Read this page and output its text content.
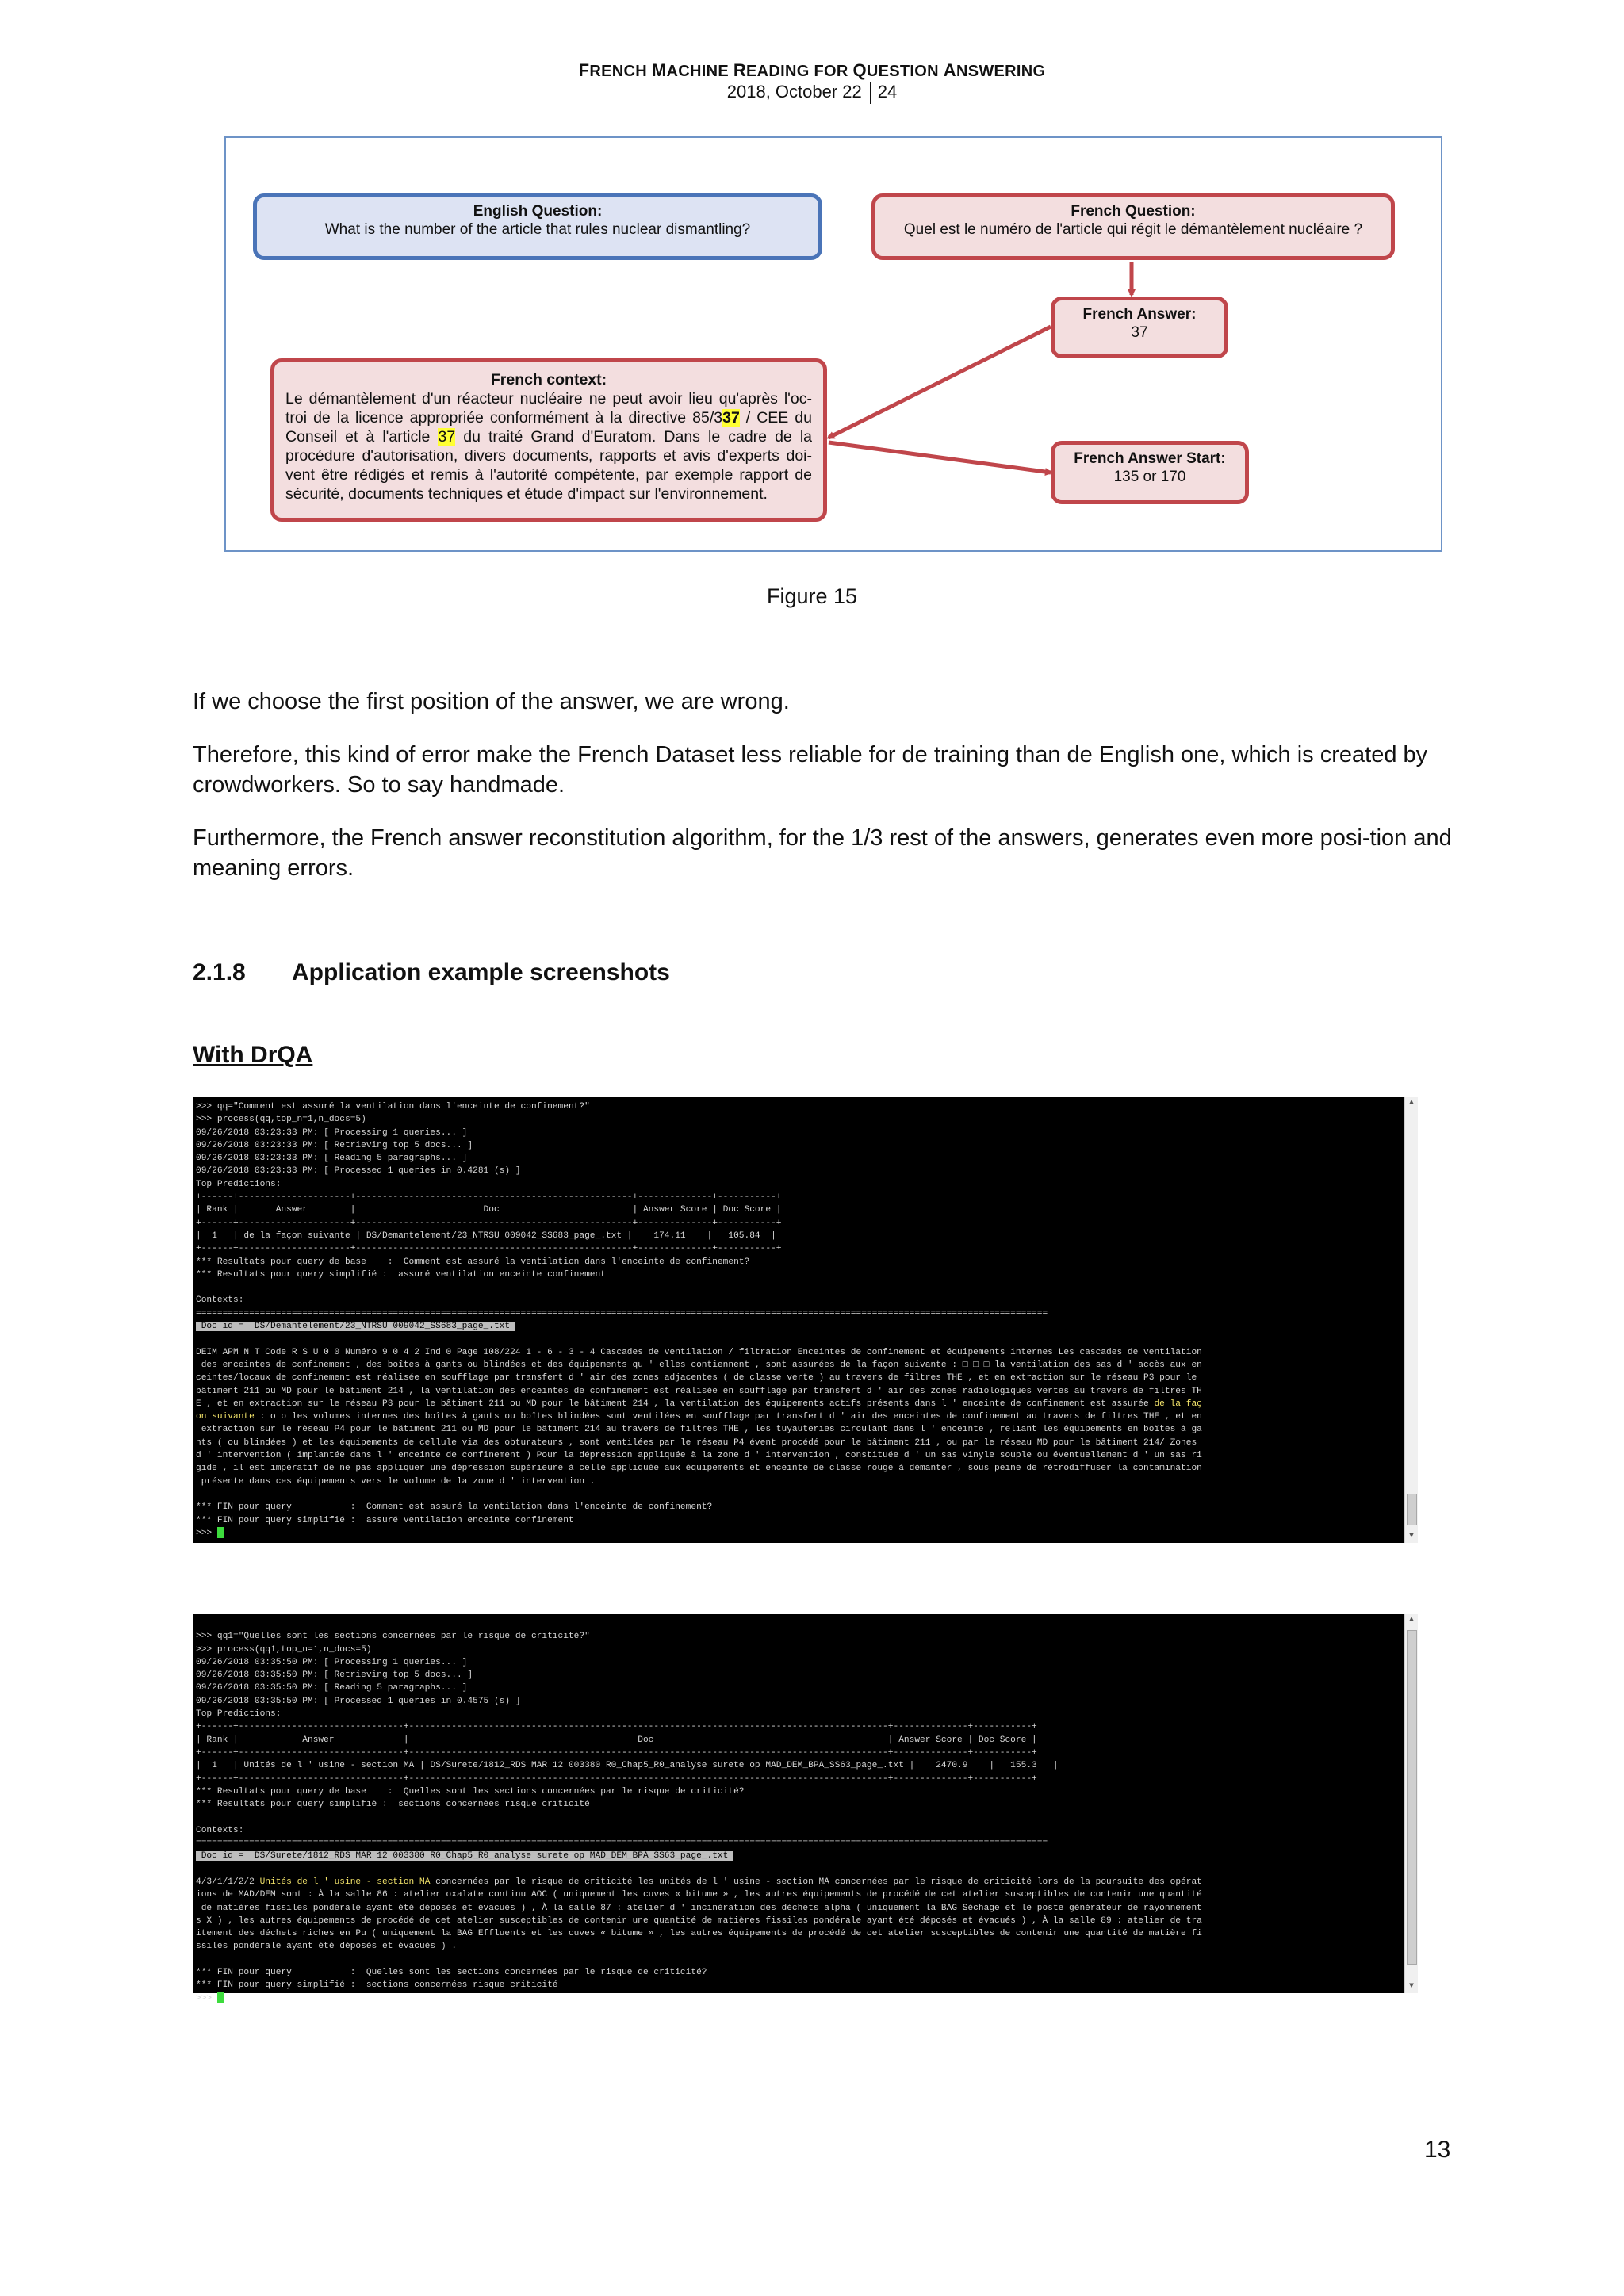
FRENCH MACHINE READING FOR QUESTION ANSWERING
2018, October 22 24
English Question:
What is the number of the article that rules nuclear dismantling?
French Question:
Quel est le numéro de l'article qui régit le démantèlement nucléaire ?
French Answer:
37
French context:
Le démantèlement d'un réacteur nucléaire ne peut avoir lieu qu'après l'oc-troi de la licence appropriée conformément à la directive 85/337 / CEE du Conseil et à l'article 37 du traité Grand d'Euratom. Dans le cadre de la procédure d'autorisation, divers documents, rapports et avis d'experts doi-vent être rédigés et remis à l'autorité compétente, par exemple rapport de sécurité, documents techniques et étude d'impact sur l'environnement.
French Answer Start:
135 or 170
Figure 15
If we choose the first position of the answer, we are wrong.
Therefore, this kind of error make the French Dataset less reliable for de training than de English one, which is created by crowdworkers. So to say handmade.
Furthermore, the French answer reconstitution algorithm, for the 1/3 rest of the answers, generates even more posi-tion and meaning errors.
2.1.8 Application example screenshots
With DrQA
>>> qq="Comment est assuré la ventilation dans l'enceinte de confinement?"
>>> process(qq,top_n=1,n_docs=5)
09/26/2018 03:23:33 PM: [ Processing 1 queries... ]
09/26/2018 03:23:33 PM: [ Retrieving top 5 docs... ]
09/26/2018 03:23:33 PM: [ Reading 5 paragraphs... ]
09/26/2018 03:23:33 PM: [ Processed 1 queries in 0.4281 (s) ]
Top Predictions:
+------+---------------------+----------------------------------------------------+--------------+-----------+
| Rank |       Answer        |                        Doc                         | Answer Score | Doc Score |
+------+---------------------+----------------------------------------------------+--------------+-----------+
|  1   | de la façon suivante | DS/Demantelement/23_NTRSU 009042_SS683_page_.txt |    174.11    |   105.84  |
+------+---------------------+----------------------------------------------------+--------------+-----------+
*** Resultats pour query de base    :  Comment est assuré la ventilation dans l'enceinte de confinement?
*** Resultats pour query simplifié :  assuré ventilation enceinte confinement

Contexts:
================================================================================================================================================================
Doc id =  DS/Demantelement/23_NTRSU 009042_SS683_page_.txt

DEIM APM N T Code R S U 0 0 Numéro 9 0 4 2 Ind 0 Page 108/224 1 - 6 - 3 - 4 Cascades de ventilation / filtration Enceintes de confinement et équipements internes Les cascades de ventilation
des enceintes de confinement , des boîtes à gants ou blindées et des équipements qu ' elles contiennent , sont assurées de la façon suivante : □ □ □ la ventilation des sas d ' accès aux en
ceintes/locaux de confinement est réalisée en soufflage par transfert d ' air des zones adjacentes ( de classe verte ) au travers de filtres THE , et en extraction sur le réseau P3 pour le
bâtiment 211 ou MD pour le bâtiment 214 , la ventilation des enceintes de confinement est réalisée en soufflage par transfert d ' air des zones radiologiques vertes au travers de filtres TH
E , et en extraction sur le réseau P3 pour le bâtiment 211 ou MD pour le bâtiment 214 , la ventilation des équipements actifs présents dans l ' enceinte de confinement est assurée de la faç
on suivante : o o les volumes internes des boîtes à gants ou boîtes blindées sont ventilées en soufflage par transfert d ' air des enceintes de confinement au travers de filtres THE , et en
extraction sur le réseau P4 pour le bâtiment 211 ou MD pour le bâtiment 214 au travers de filtres THE , les tuyauteries circulant dans l ' enceinte , reliant les équipements en boîtes à ga
nts ( ou blindées ) et les équipements de cellule via des obturateurs , sont ventilées par le réseau P4 évent procédé pour le bâtiment 211 , ou par le réseau MD pour le bâtiment 214/ Zones
d ' intervention ( implantée dans l ' enceinte de confinement ) Pour la dépression appliquée à la zone d ' intervention , constituée d ' un sas vinyle souple ou éventuellement d ' un sas ri
gide , il est impératif de ne pas appliquer une dépression supérieure à celle appliquée aux équipements et enceinte de classe rouge à démanter , sous peine de rétrodiffuser la contamination
présente dans ces équipements vers le volume de la zone d ' intervention .

*** FIN pour query           :  Comment est assuré la ventilation dans l'enceinte de confinement?
*** FIN pour query simplifié :  assuré ventilation enceinte confinement
>>>

▲

▼

>>> qq1="Quelles sont les sections concernées par le risque de criticité?"
>>> process(qq1,top_n=1,n_docs=5)
09/26/2018 03:35:50 PM: [ Processing 1 queries... ]
09/26/2018 03:35:50 PM: [ Retrieving top 5 docs... ]
09/26/2018 03:35:50 PM: [ Reading 5 paragraphs... ]
09/26/2018 03:35:50 PM: [ Processed 1 queries in 0.4575 (s) ]
Top Predictions:
+------+-------------------------------+------------------------------------------------------------------------------------------+--------------+-----------+
| Rank |            Answer             |                                           Doc                                            | Answer Score | Doc Score |
+------+-------------------------------+------------------------------------------------------------------------------------------+--------------+-----------+
|  1   | Unités de l ' usine - section MA | DS/Surete/1812_RDS MAR 12 003380 R0_Chap5_R0_analyse surete op MAD_DEM_BPA_SS63_page_.txt |    2470.9    |   155.3   |
+------+-------------------------------+------------------------------------------------------------------------------------------+--------------+-----------+
*** Resultats pour query de base    :  Quelles sont les sections concernées par le risque de criticité?
*** Resultats pour query simplifié :  sections concernées risque criticité

Contexts:
================================================================================================================================================================
Doc id =  DS/Surete/1812_RDS MAR 12 003380 R0_Chap5_R0_analyse surete op MAD_DEM_BPA_SS63_page_.txt

4/3/1/1/2/2 Unités de l ' usine - section MA concernées par le risque de criticité les unités de l ' usine - section MA concernées par le risque de criticité lors de la poursuite des opérat
ions de MAD/DEM sont : À la salle 86 : atelier oxalate continu AOC ( uniquement les cuves « bitume » , les autres équipements de procédé de cet atelier susceptibles de contenir une quantité
de matières fissiles pondérale ayant été déposés et évacués ) , À la salle 87 : atelier d ' incinération des déchets alpha ( uniquement la BAG Séchage et le poste générateur de rayonnement
s X ) , les autres équipements de procédé de cet atelier susceptibles de contenir une quantité de matières fissiles pondérale ayant été déposés et évacués ) , À la salle 89 : atelier de tra
itement des déchets riches en Pu ( uniquement la BAG Effluents et les cuves « bitume » , les autres équipements de procédé de cet atelier susceptibles de contenir une quantité de matière fi
ssiles pondérale ayant été déposés et évacués ) .

*** FIN pour query           :  Quelles sont les sections concernées par le risque de criticité?
*** FIN pour query simplifié :  sections concernées risque criticité
>>>

▲

▼

13
